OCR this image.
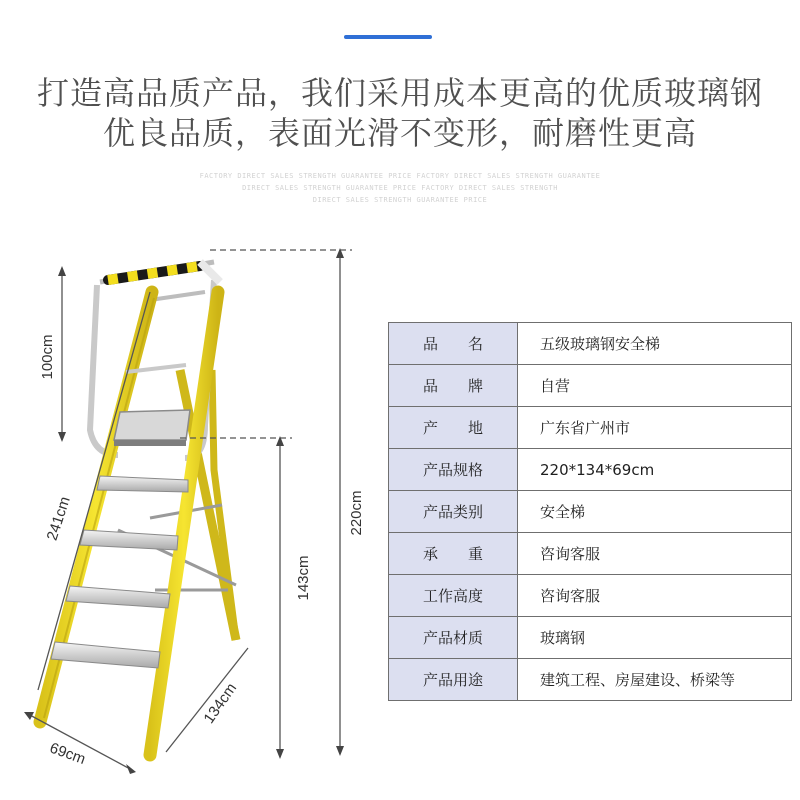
打造高品质产品，我们采用成本更高的优质玻璃钢
优良品质，表面光滑不变形，耐磨性更高
FACTORY DIRECT SALES STRENGTH GUARANTEE PRICE FACTORY DIRECT SALES STRENGTH GUARANTEE
DIRECT SALES STRENGTH GUARANTEE PRICE FACTORY DIRECT SALES STRENGTH
DIRECT SALES STRENGTH GUARANTEE PRICE
100cm
241cm
143cm
220cm
134cm
69cm
品　　名	五级玻璃钢安全梯
品　　牌	自营
产　　地	广东省广州市
产品规格	220*134*69cm
产品类别	安全梯
承　　重	咨询客服
工作高度	咨询客服
产品材质	玻璃钢
产品用途	建筑工程、房屋建设、桥梁等
